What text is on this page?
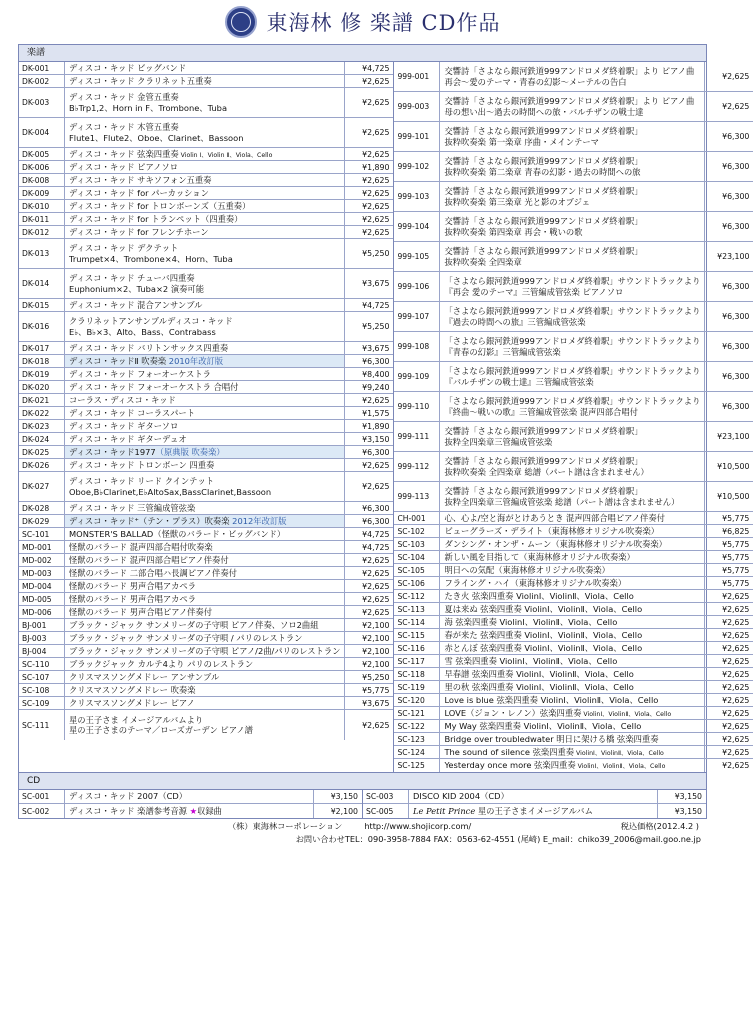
東海林 修 楽譜 CD作品
楽譜
DK-001	ディスコ・キッド ビッグバンド	¥4,725
DK-002	ディスコ・キッド クラリネット五重奏	¥2,625
DK-003
ディスコ・キッド 金管五重奏
B♭Trp1,2、Horn in F、Trombone、Tuba	¥2,625
DK-004
ディスコ・キッド 木管五重奏
Flute1、Flute2、Oboe、Clarinet、Bassoon	¥2,625
DK-005	ディスコ・キッド 弦楽四重奏 Violin Ⅰ、Violin Ⅱ、Viola、Cello	¥2,625
DK-006	ディスコ・キッド ピアノソロ	¥1,890
DK-008	ディスコ・キッド サキソフォン五重奏	¥2,625
DK-009	ディスコ・キッド for パーカッション	¥2,625
DK-010	ディスコ・キッド for トロンボーンズ（五重奏）	¥2,625
DK-011	ディスコ・キッド for トランペット（四重奏）	¥2,625
DK-012	ディスコ・キッド for フレンチホーン	¥2,625
DK-013
ディスコ・キッド デクテット
Trumpet×4、Trombone×4、Horn、Tuba	¥5,250
DK-014
ディスコ・キッド チューバ四重奏
Euphonium×2、Tuba×2 演奏可能	¥3,675
DK-015	ディスコ・キッド 混合アンサンブル	¥4,725
DK-016
クラリネットアンサンブルディスコ・キッド
E♭、B♭×3、Alto、Bass、Contrabass	¥5,250
DK-017	ディスコ・キッド バリトンサックス四重奏	¥3,675
DK-018	ディスコ・キッドⅡ 吹奏楽 2010年改訂版	¥6,300
DK-019	ディスコ・キッド フォーオーケストラ	¥8,400
DK-020	ディスコ・キッド フォーオーケストラ 合唱付	¥9,240
DK-021	コーラス・ディスコ・キッド	¥2,625
DK-022	ディスコ・キッド コーラスパート	¥1,575
DK-023	ディスコ・キッド ギターソロ	¥1,890
DK-024	ディスコ・キッド ギターデュオ	¥3,150
DK-025	ディスコ・キッド1977（原典版 吹奏楽）	¥6,300
DK-026	ディスコ・キッド トロンボーン 四重奏	¥2,625
DK-027
ディスコ・キッド リード クインテット
Oboe,B♭Clarinet,E♭AltoSax,BassClarinet,Bassoon	¥2,625
DK-028	ディスコ・キッド 三管編成管弦楽	¥6,300
DK-029	ディスコ・キッド⁺（テン・プラス）吹奏楽 2012年改訂版	¥6,300
SC-101	MONSTER'S BALLAD（怪獣のバラード・ビッグバンド）	¥4,725
MD-001	怪獣のバラード 混声四部合唱付吹奏楽	¥4,725
MD-002	怪獣のバラード 混声四部合唱ピアノ伴奏付	¥2,625
MD-003	怪獣のバラード 二部合唱ハ長調ピアノ伴奏付	¥2,625
MD-004	怪獣のバラード 男声合唱アカペラ	¥2,625
MD-005	怪獣のバラード 男声合唱アカペラ	¥2,625
MD-006	怪獣のバラード 男声合唱ピアノ伴奏付	¥2,625
BJ-001	ブラック・ジャック サンメリーダの子守唄 ピアノ伴奏、ソロ2曲組	¥2,100
BJ-003	ブラック・ジャック サンメリーダの子守唄 / パリのレストラン	¥2,100
BJ-004	ブラック・ジャック サンメリーダの子守唄 ピアノ/2曲/パリのレストラン	¥2,100
SC-110	ブラックジャック カルテ4より パリのレストラン	¥2,100
SC-107	クリスマスソングメドレー アンサンブル	¥5,250
SC-108	クリスマスソングメドレー 吹奏楽	¥5,775
SC-109	クリスマスソングメドレー ピアノ	¥3,675
SC-111
星の王子さま イメージアルバムより
星の王子さまのテーマ／ローズガーデン ピアノ譜	¥2,625
999-001
交響詩「さよなら銀河鉄道999アンドロメダ終着駅」より ピアノ曲
再会〜愛のテーマ・青春の幻影〜メーテルの告白	¥2,625
999-003
交響詩「さよなら銀河鉄道999アンドロメダ終着駅」より ピアノ曲
母の想い出〜過去の時間への旅・バルチザンの戦士達	¥2,625
999-101
交響詩「さよなら銀河鉄道999アンドロメダ終着駅」
抜粋吹奏楽 第一楽章 序曲・メインテーマ	¥6,300
999-102
交響詩「さよなら銀河鉄道999アンドロメダ終着駅」
抜粋吹奏楽 第二楽章 青春の幻影・過去の時間への旅	¥6,300
999-103
交響詩「さよなら銀河鉄道999アンドロメダ終着駅」
抜粋吹奏楽 第三楽章 光と影のオブジェ	¥6,300
999-104
交響詩「さよなら銀河鉄道999アンドロメダ終着駅」
抜粋吹奏楽 第四楽章 再会・戦いの歌	¥6,300
999-105
交響詩「さよなら銀河鉄道999アンドロメダ終着駅」
抜粋吹奏楽 全四楽章	¥23,100
999-106
「さよなら銀河鉄道999アンドロメダ終着駅」サウンドトラックより
『再会 愛のテーマ』三管編成管弦楽 ピアノソロ	¥6,300
999-107
「さよなら銀河鉄道999アンドロメダ終着駅」サウンドトラックより
『過去の時間への旅』三管編成管弦楽	¥6,300
999-108
「さよなら銀河鉄道999アンドロメダ終着駅」サウンドトラックより
『青春の幻影』三管編成管弦楽	¥6,300
999-109
「さよなら銀河鉄道999アンドロメダ終着駅」サウンドトラックより
『バルチザンの戦士達』三管編成管弦楽	¥6,300
999-110
「さよなら銀河鉄道999アンドロメダ終着駅」サウンドトラックより
『終曲〜戦いの歌』三管編成管弦楽 混声四部合唱付	¥6,300
999-111
交響詩「さよなら銀河鉄道999アンドロメダ終着駅」
抜粋全四楽章三管編成管弦楽	¥23,100
999-112
交響詩「さよなら銀河鉄道999アンドロメダ終着駅」
抜粋吹奏楽 全四楽章 総譜（パート譜は含まれません）	¥10,500
999-113
交響詩「さよなら銀河鉄道999アンドロメダ終着駅」
抜粋全四楽章三管編成管弦楽 総譜（パート譜は含まれません）	¥10,500
CH-001	心、心よ/空と海がとけあうとき 混声四部合唱ピアノ伴奏付	¥5,775
SC-102	ビューグラーズ・デライト（東海林修オリジナル吹奏楽）	¥6,825
SC-103	ダンシング・オンザ・ムーン（東海林修オリジナル吹奏楽）	¥5,775
SC-104	新しい風を目指して（東海林修オリジナル吹奏楽）	¥5,775
SC-105	明日への気配（東海林修オリジナル吹奏楽）	¥5,775
SC-106	フライング・ハイ（東海林修オリジナル吹奏楽）	¥5,775
SC-112	たき火 弦楽四重奏 ViolinⅠ、ViolinⅡ、Viola、Cello	¥2,625
SC-113	夏は来ぬ 弦楽四重奏 ViolinⅠ、ViolinⅡ、Viola、Cello	¥2,625
SC-114	海 弦楽四重奏 ViolinⅠ、ViolinⅡ、Viola、Cello	¥2,625
SC-115	春が来た 弦楽四重奏 ViolinⅠ、ViolinⅡ、Viola、Cello	¥2,625
SC-116	赤とんぼ 弦楽四重奏 ViolinⅠ、ViolinⅡ、Viola、Cello	¥2,625
SC-117	雪 弦楽四重奏 ViolinⅠ、ViolinⅡ、Viola、Cello	¥2,625
SC-118	早春譜 弦楽四重奏 ViolinⅠ、ViolinⅡ、Viola、Cello	¥2,625
SC-119	里の秋 弦楽四重奏 ViolinⅠ、ViolinⅡ、Viola、Cello	¥2,625
SC-120	Love is blue 弦楽四重奏 ViolinⅠ、ViolinⅡ、Viola、Cello	¥2,625
SC-121	LOVE（ジョン・レノン）弦楽四重奏 ViolinⅠ、ViolinⅡ、Viola、Cello	¥2,625
SC-122	My Way 弦楽四重奏 ViolinⅠ、ViolinⅡ、Viola、Cello	¥2,625
SC-123	Bridge over troubledwater 明日に架ける橋 弦楽四重奏	¥2,625
SC-124	The sound of silence 弦楽四重奏 ViolinⅠ、ViolinⅡ、Viola、Cello	¥2,625
SC-125	Yesterday once more 弦楽四重奏 ViolinⅠ、ViolinⅡ、Viola、Cello	¥2,625
CD
SC-001	ディスコ・キッド 2007（CD）	¥3,150
SC-002	ディスコ・キッド 楽譜参考音源 ★収録曲	¥2,100
SC-003	DISCO KID 2004（CD）	¥3,150
SC-005	Le Petit Prince 星の王子さまイメージアルバム	¥3,150
（株）東海林コーポレーション	http://www.shojicorp.com/	税込価格(2012.4.2 )
お問い合わせTEL：090-3958-7884 FAX：0563-62-4551 (尾崎) E_mail：chiko39_2006@mail.goo.ne.jp
